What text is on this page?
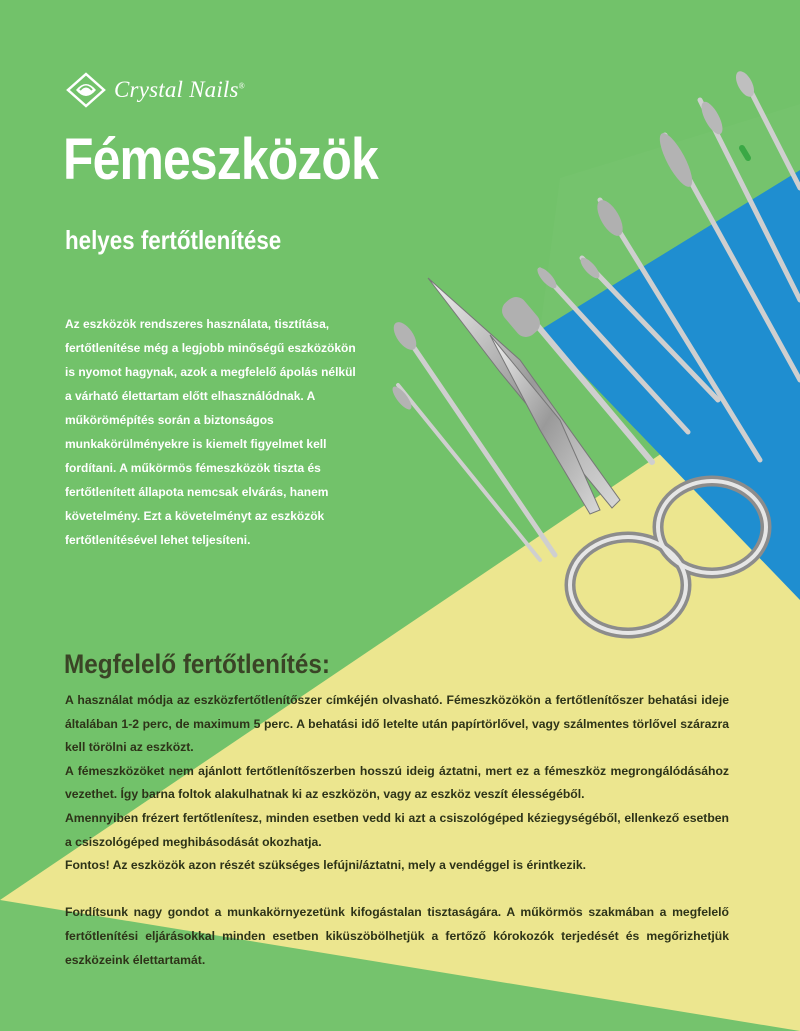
Crystal Nails®
Fémeszközök
helyes fertőtlenítése

Az eszközök rendszeres használata, tisztítása, fertőtlenítése még a legjobb minőségű eszközökön is nyomot hagynak, azok a megfelelő ápolás nélkül a várható élettartam előtt elhasználódnak. A műkörömépítés során a biztonságos munkakörülményekre is kiemelt figyelmet kell fordítani. A műkörmös fémeszközök tiszta és fertőtlenített állapota nemcsak elvárás, hanem követelmény. Ezt a követelményt az eszközök fertőtlenítésével lehet teljesíteni.

Megfelelő fertőtlenítés:

A használat módja az eszközfertőtlenítőszer címkéjén olvasható. Fémeszközökön a fertőtlenítőszer behatási ideje általában 1-2 perc, de maximum 5 perc. A behatási idő letelte után papírtörlővel, vagy szálmentes törlővel szárazra kell törölni az eszközt.

A fémeszközöket nem ajánlott fertőtlenítőszerben hosszú ideig áztatni, mert ez a fémeszköz megrongálódásához vezethet. Így barna foltok alakulhatnak ki az eszközön, vagy az eszköz veszít élességéből.

Amennyiben frézert fertőtlenítesz, minden esetben vedd ki azt a csiszológéped kéziegységéből, ellenkező esetben a csiszológéped meghibásodását okozhatja.

Fontos! Az eszközök azon részét szükséges lefújni/áztatni, mely a vendéggel is érintkezik.

Fordítsunk nagy gondot a munkakörnyezetünk kifogástalan tisztaságára. A műkörmös szakmában a megfelelő fertőtlenítési eljárásokkal minden esetben kiküszöbölhetjük a fertőző kórokozók terjedését és megőrizhetjük eszközeink élettartamát.
